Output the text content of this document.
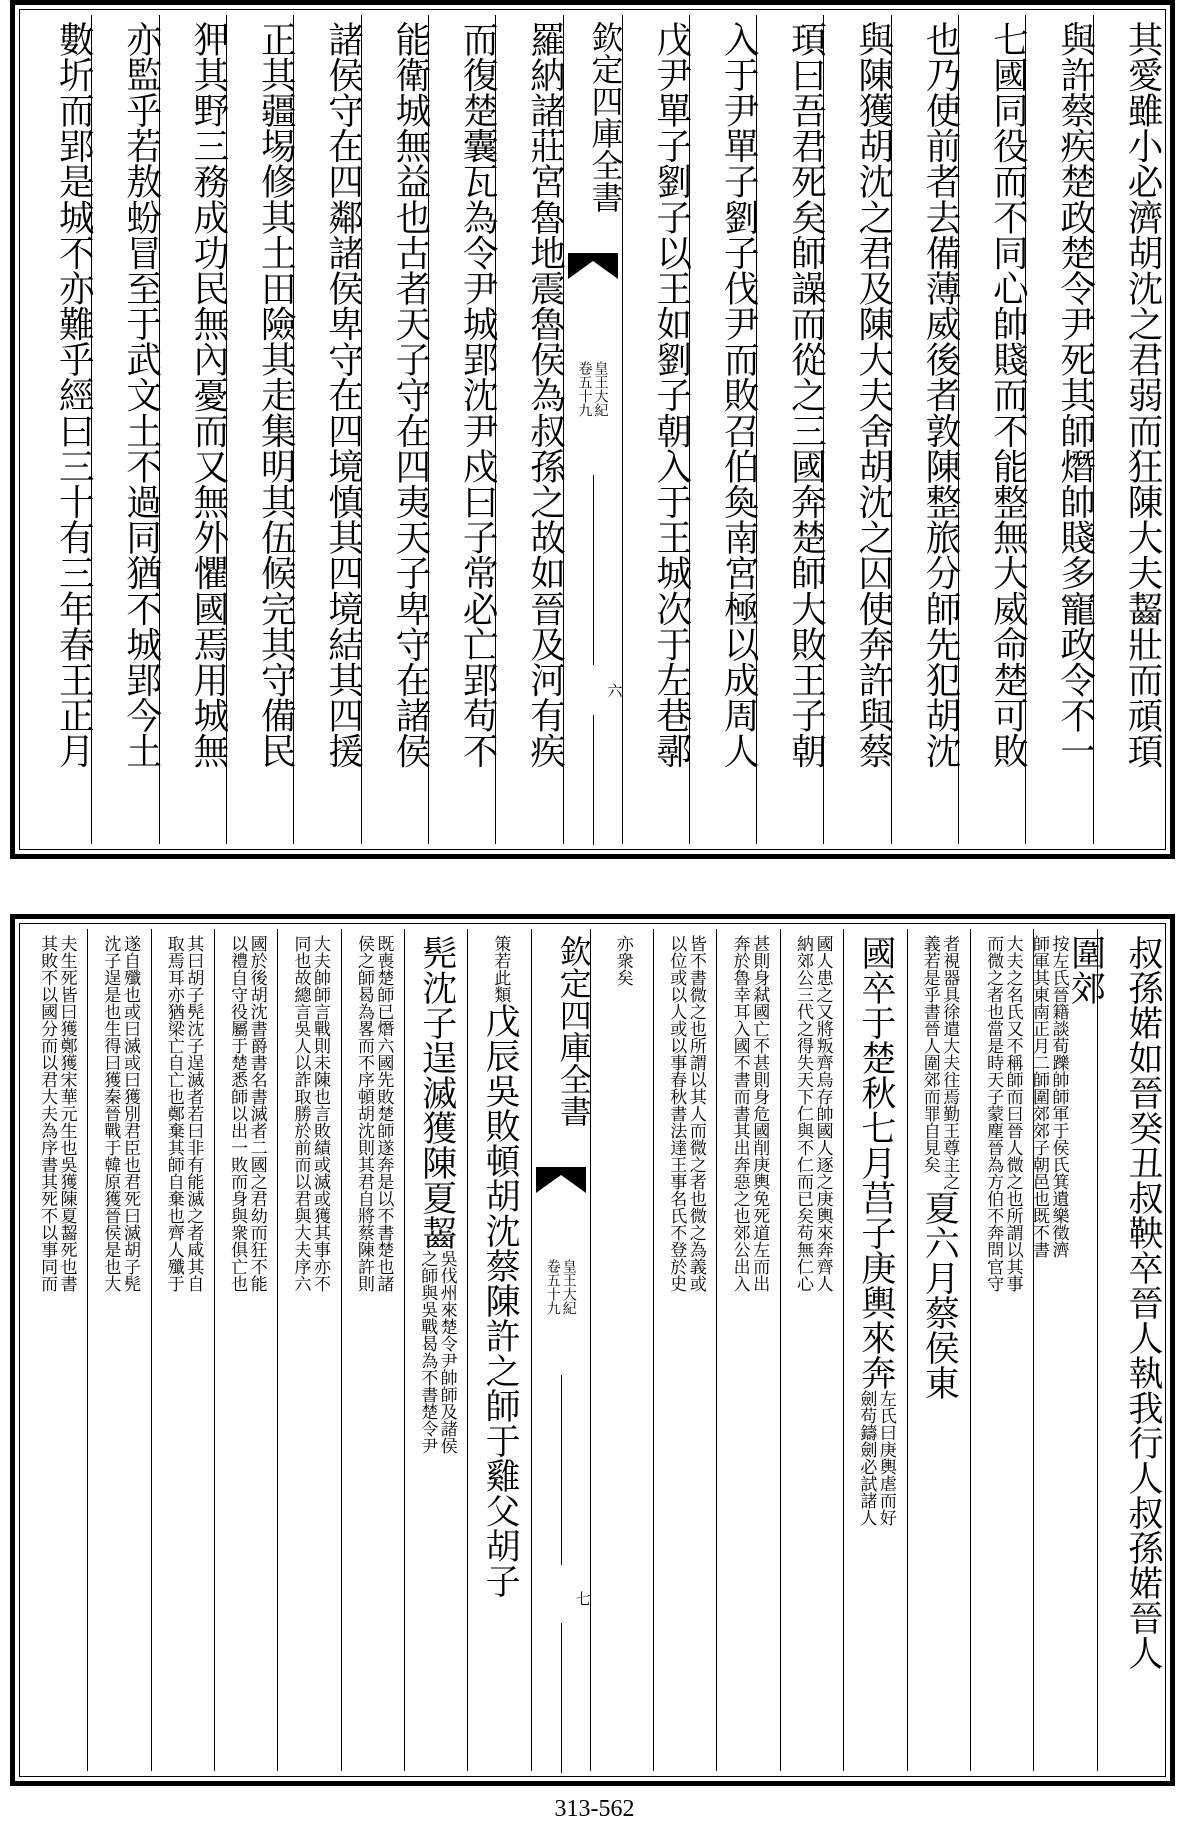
其愛雖小必濟胡沈之君弱而狂陳大夫齧壯而頑頊
與許蔡疾楚政楚令尹死其師熸帥賤多寵政令不一
七國同役而不同心帥賤而不能整無大威命楚可敗
也乃使前者去備薄威後者敦陳整旅分師先犯胡沈
與陳獲胡沈之君及陳大夫舍胡沈之囚使奔許與蔡
頊曰吾君死矣師譟而從之三國奔楚師大敗王子朝
入于尹單子劉子伐尹而敗召伯奐南宮極以成周人
戊尹單子劉子以王如劉子朝入于王城次于左巷鄩
欽定四庫全書
皇王大紀
卷五十九
六
羅納諸莊宮魯地震魯侯為叔孫之故如晉及河有疾
而復楚囊瓦為令尹城郢沈尹戍曰子常必亡郢苟不
能衛城無益也古者天子守在四夷天子卑守在諸侯
諸侯守在四鄰諸侯卑守在四境慎其四境結其四援
正其疆埸修其土田險其走集明其伍候完其守備民
狎其野三務成功民無內憂而又無外懼國焉用城無
亦監乎若敖蚡冒至于武文土不過同猶不城郢今土
數圻而郢是城不亦難乎經曰三十有三年春王正月
叔孫婼如晉癸丑叔鞅卒晉人執我行人叔孫婼晉人
圍郊
按左氏晉籍談荀躒帥師軍于侯氏箕遺樂徵濟
師軍其東南正月二師圍郊郊子朝邑也既不書
大夫之名氏又不稱師而曰晉人微之也所謂以其事
而微之者也當是時天子蒙塵晉為方伯不奔問官守
者視器具徐遣大夫往焉勤王尊主之
義若是乎書晉人圍郊而罪自見矣
夏六月蔡侯東
國卒于楚秋七月莒子庚輿來奔
左氏曰庚輿虐而好
劍苟鑄劍必試諸人
國人患之又將叛齊烏存帥國人逐之庚輿來奔齊人
納郊公三代之得失天下仁與不仁而已矣苟無仁心
甚則身弒國亡不甚則身危國削庚輿免死道左而出
奔於魯幸耳入國不書而書其出奔惡之也郊公出入
皆不書微之也所謂以其人而微之者也微之為義或
以位或以人或以事春秋書法達王事名氏不登於史
亦衆矣
欽定四庫全書
皇王大紀
卷五十九
七
策若此類
戊辰吳敗頓胡沈蔡陳許之師于雞父胡子
髡沈子逞滅獲陳夏齧
吳伐州來楚令尹帥師及諸侯
之師與吳戰曷為不書楚令尹
既喪楚師已熸六國先敗楚師遂奔是以不書楚也諸
侯之師曷為畧而不序頓胡沈則其君自將蔡陳許則
大夫帥師言戰則未陳也言敗績或滅或獲其事亦不
同也故總言吳人以詐取勝於前而以君與大夫序六
國於後胡沈書爵書名書滅者二國之君幼而狂不能
以禮自守役屬于楚悉師以出一敗而身與衆俱亡也
其曰胡子髡沈子逞滅者若曰非有能滅之者咸其自
取焉耳亦猶梁亡自亡也鄭棄其師自棄也齊人殲于
遂自殲也或曰滅或曰獲別君臣也君死曰滅胡子髡
沈子逞是也生得曰獲秦晉戰于韓原獲晉侯是也大
夫生死皆曰獲鄭獲宋華元生也吳獲陳夏齧死也書
其敗不以國分而以君大夫為序書其死不以事同而
313-562
